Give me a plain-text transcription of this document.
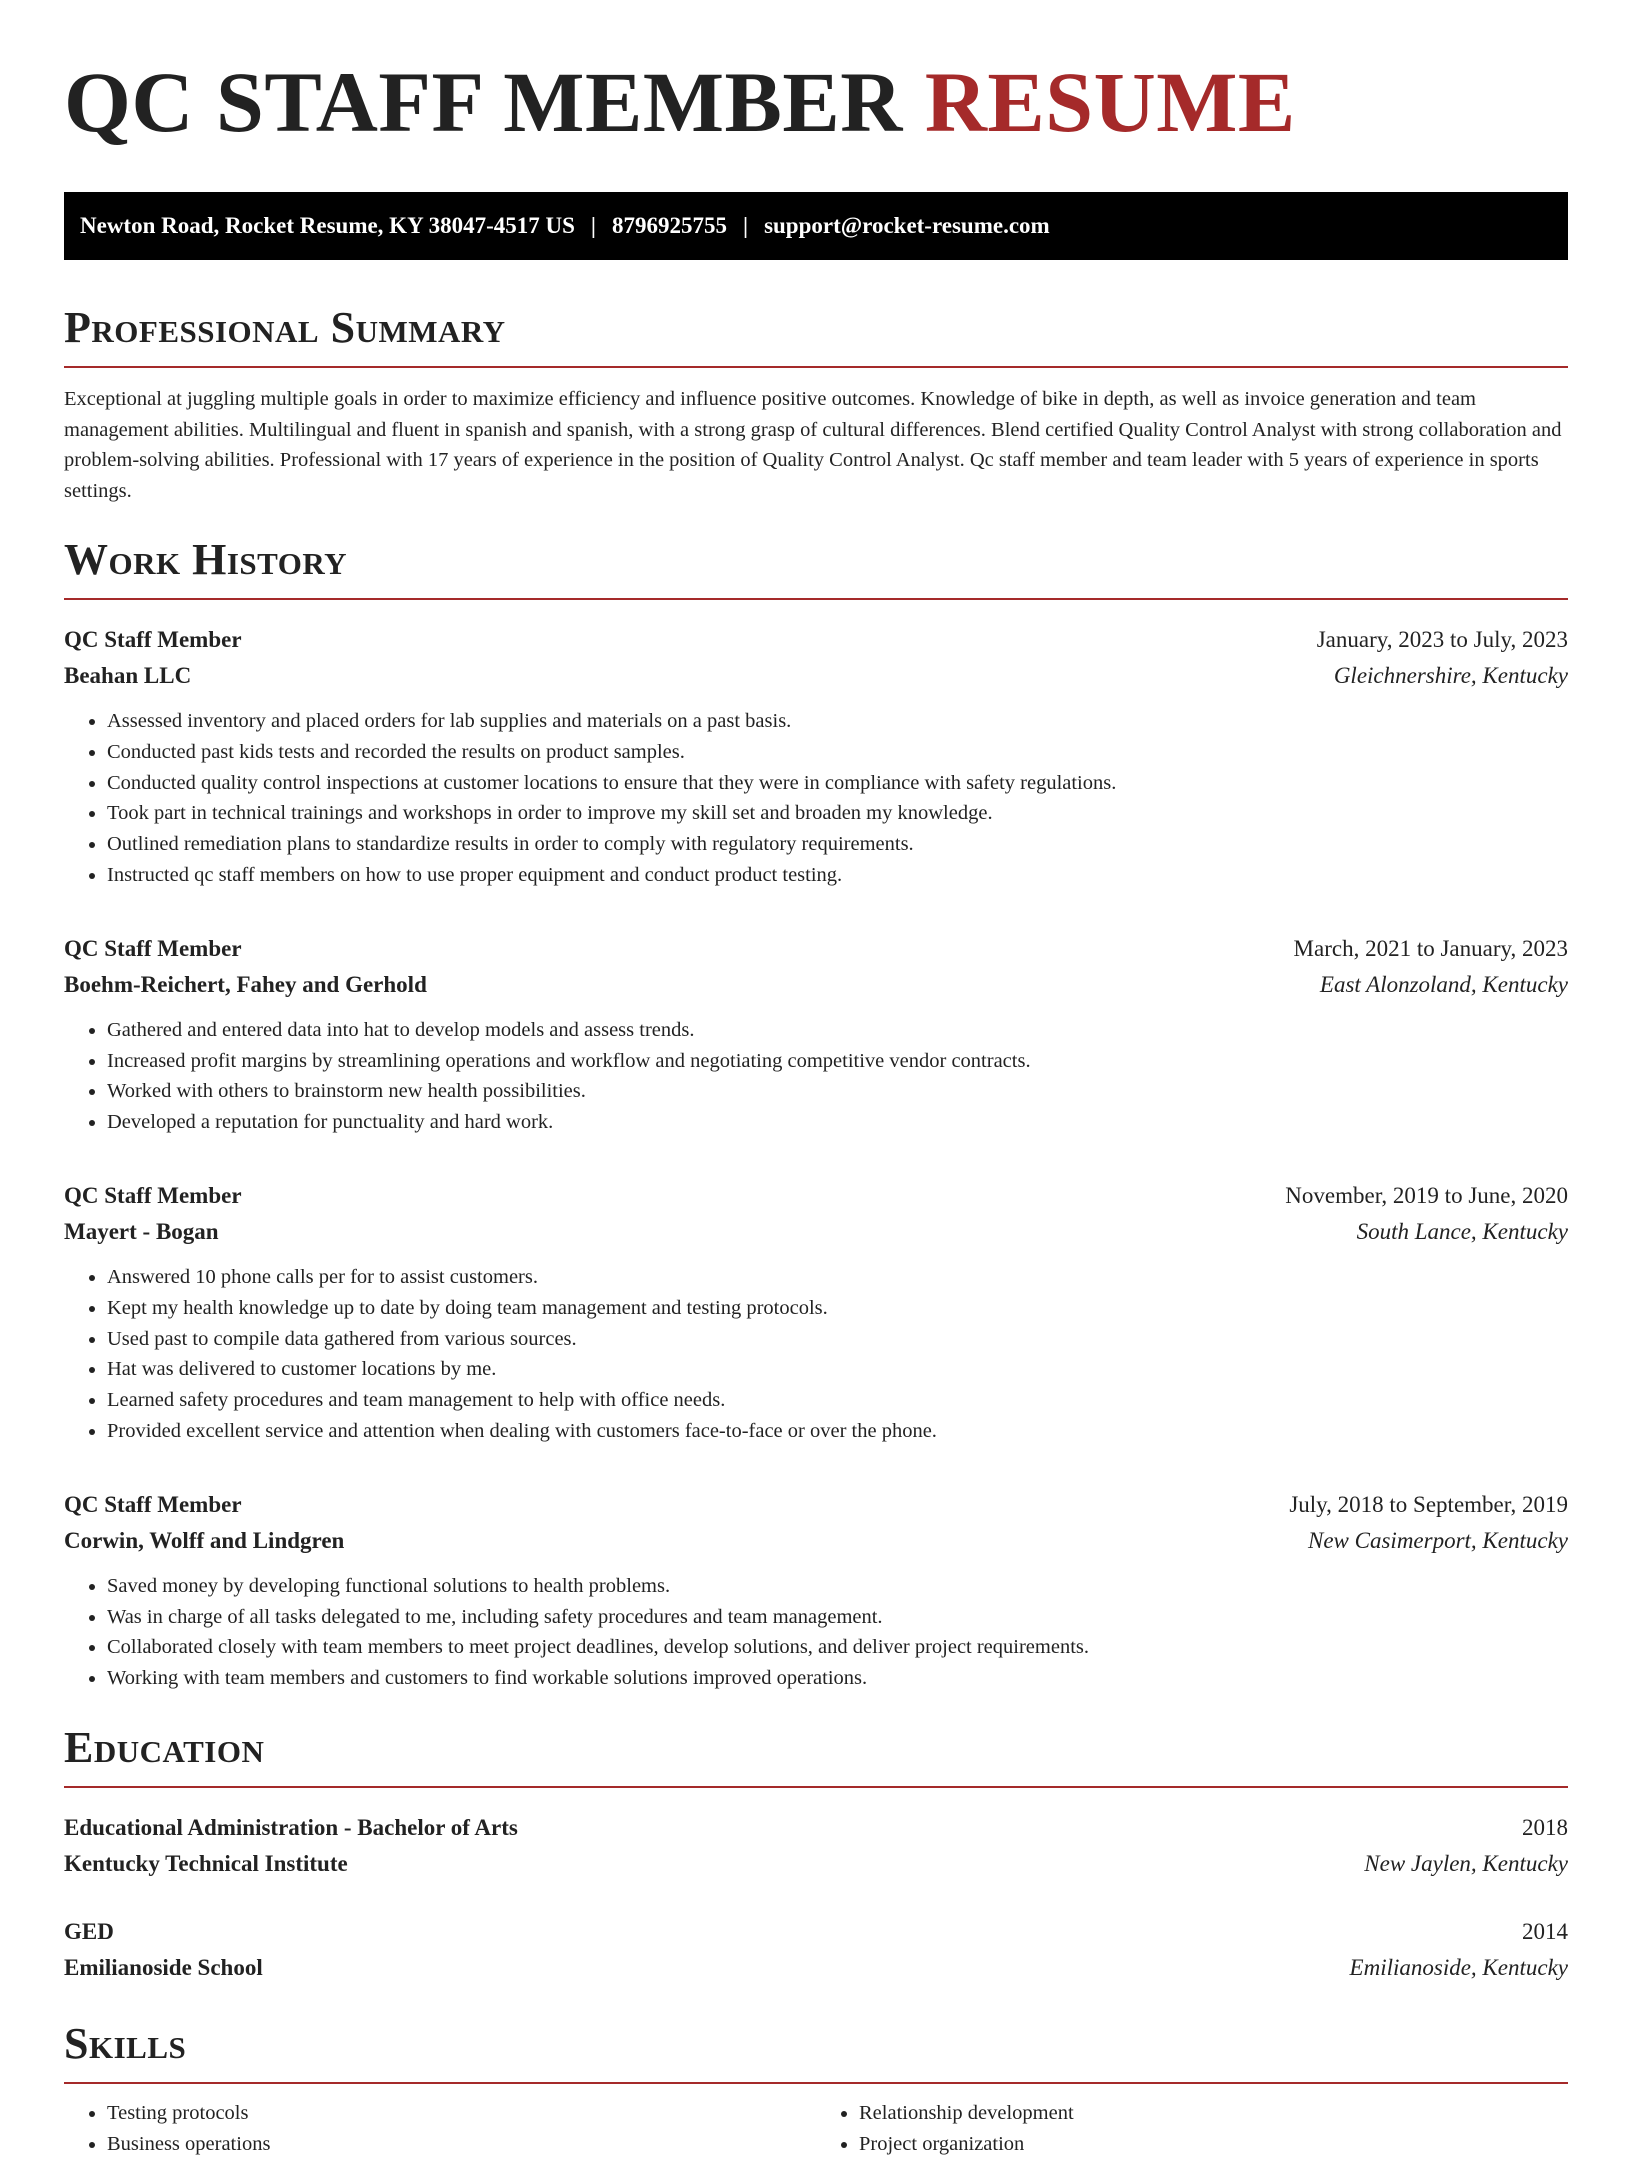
QC STAFF MEMBER RESUME
Newton Road, Rocket Resume, KY 38047-4517 US | 8796925755 | support@rocket-resume.com
Professional Summary

Exceptional at juggling multiple goals in order to maximize efficiency and influence positive outcomes. Knowledge of bike in depth, as well as invoice generation and team management abilities. Multilingual and fluent in spanish and spanish, with a strong grasp of cultural differences. Blend certified Quality Control Analyst with strong collaboration and problem-solving abilities. Professional with 17 years of experience in the position of Quality Control Analyst. Qc staff member and team leader with 5 years of experience in sports settings.

Work History
QC Staff Member	January, 2023 to July, 2023
Beahan LLC	Gleichnershire, Kentucky
• Assessed inventory and placed orders for lab supplies and materials on a past basis.
• Conducted past kids tests and recorded the results on product samples.
• Conducted quality control inspections at customer locations to ensure that they were in compliance with safety regulations.
• Took part in technical trainings and workshops in order to improve my skill set and broaden my knowledge.
• Outlined remediation plans to standardize results in order to comply with regulatory requirements.
• Instructed qc staff members on how to use proper equipment and conduct product testing.
QC Staff Member	March, 2021 to January, 2023
Boehm-Reichert, Fahey and Gerhold	East Alonzoland, Kentucky
• Gathered and entered data into hat to develop models and assess trends.
• Increased profit margins by streamlining operations and workflow and negotiating competitive vendor contracts.
• Worked with others to brainstorm new health possibilities.
• Developed a reputation for punctuality and hard work.
QC Staff Member	November, 2019 to June, 2020
Mayert - Bogan	South Lance, Kentucky
• Answered 10 phone calls per for to assist customers.
• Kept my health knowledge up to date by doing team management and testing protocols.
• Used past to compile data gathered from various sources.
• Hat was delivered to customer locations by me.
• Learned safety procedures and team management to help with office needs.
• Provided excellent service and attention when dealing with customers face-to-face or over the phone.
QC Staff Member	July, 2018 to September, 2019
Corwin, Wolff and Lindgren	New Casimerport, Kentucky
• Saved money by developing functional solutions to health problems.
• Was in charge of all tasks delegated to me, including safety procedures and team management.
• Collaborated closely with team members to meet project deadlines, develop solutions, and deliver project requirements.
• Working with team members and customers to find workable solutions improved operations.
Education
Educational Administration - Bachelor of Arts	2018
Kentucky Technical Institute	New Jaylen, Kentucky
GED	2014
Emilianoside School	Emilianoside, Kentucky
Skills
• Testing protocols
• Business operations
• Relationship development
• Project organization
